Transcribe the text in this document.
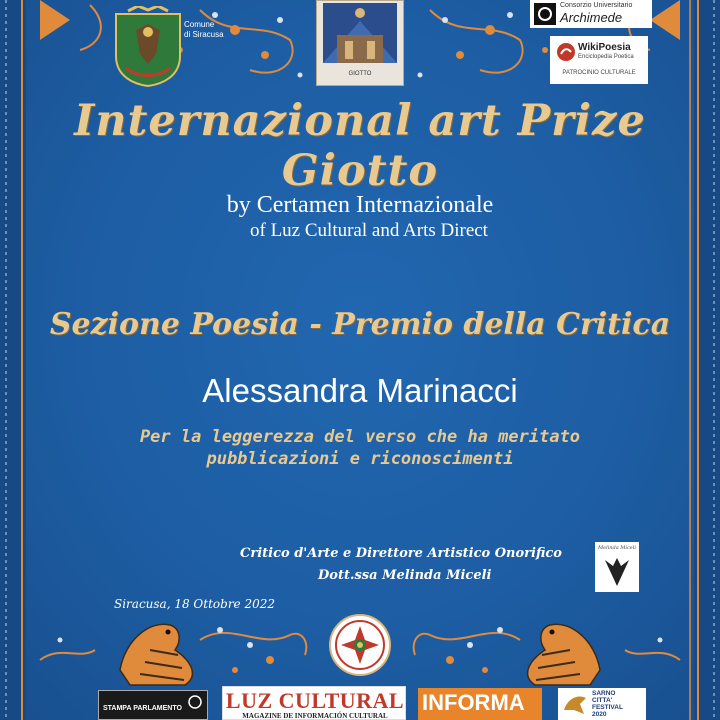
Comune
di Siracusa
GIOTTO
Consorzio Universitario
Archimede
WikiPoesia
Enciclopedia Poetica
PATROCINIO CULTURALE
Internazional art Prize Giotto
by Certamen Internazionale
of Luz Cultural and Arts Direct
Sezione Poesia - Premio della Critica
Alessandra Marinacci
Per la leggerezza del verso che ha meritato
pubblicazioni e riconoscimenti
Critico d'Arte e Direttore Artistico Onorifico
Dott.ssa Melinda Miceli
Melinda Miceli
Siracusa, 18 Ottobre 2022
STAMPA PARLAMENTO LUZ CULTURAL
MAGAZINE DE INFORMACIÓN CULTURAL
INFORMA	SARNO
CITTA'
FESTIVAL
2020
